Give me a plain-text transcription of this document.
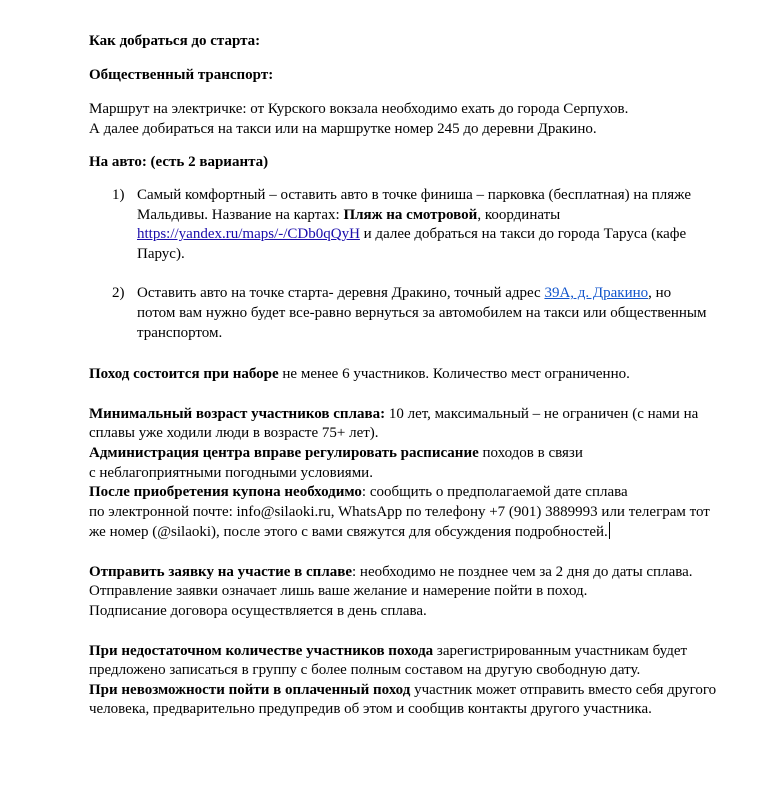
Как добраться до старта:

Общественный транспорт:

Маршрут на электричке: от Курского вокзала необходимо ехать до города Серпухов.
А далее добираться на такси или на маршрутке номер 245 до деревни Дракино.

На авто: (есть 2 варианта)

1) Самый комфортный – оставить авто в точке финиша – парковка (бесплатная) на пляже Мальдивы. Название на картах: Пляж на смотровой, координаты https://yandex.ru/maps/-/CDb0qQyH и далее добраться на такси до города Таруса (кафе Парус).
2) Оставить авто на точке старта- деревня Дракино, точный адрес 39А, д. Дракино, но потом вам нужно будет все-равно вернуться за автомобилем на такси или общественным транспортом.

Поход состоится при наборе не менее 6 участников. Количество мест ограниченно.

Минимальный возраст участников сплава: 10 лет, максимальный – не ограничен (с нами на сплавы уже ходили люди в возрасте 75+ лет).

Администрация центра вправе регулировать расписание походов в связи
с неблагоприятными погодными условиями.

После приобретения купона необходимо: сообщить о предполагаемой дате сплава
по электронной почте: info@silaoki.ru, WhatsApp по телефону +7 (901) 3889993 или телеграм тот же номер (@silaoki), после этого с вами свяжутся для обсуждения подробностей.

Отправить заявку на участие в сплаве: необходимо не позднее чем за 2 дня до даты сплава.
Отправление заявки означает лишь ваше желание и намерение пойти в поход.
Подписание договора осуществляется в день сплава.

При недостаточном количестве участников похода зарегистрированным участникам будет предложено записаться в группу с более полным составом на другую свободную дату.

При невозможности пойти в оплаченный поход участник может отправить вместо себя другого человека, предварительно предупредив об этом и сообщив контакты другого участника.
